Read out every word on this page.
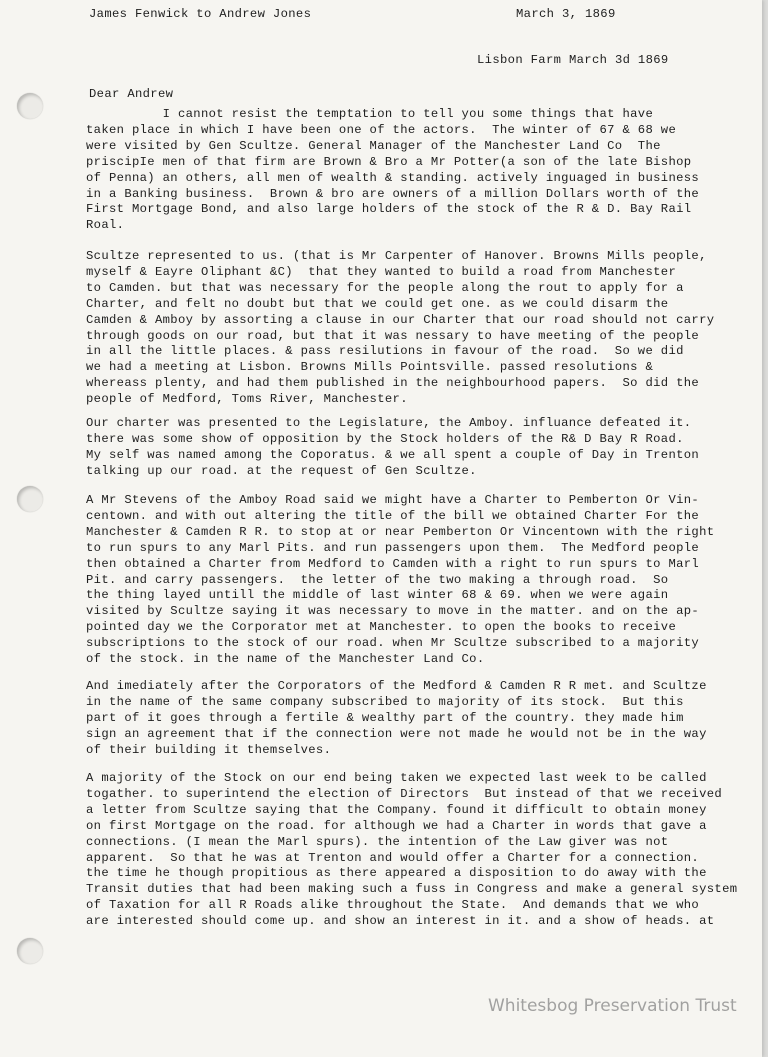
James Fenwick to Andrew Jones	March 3, 1869
Lisbon Farm March 3d 1869
Dear Andrew

I cannot resist the temptation to tell you some things that have
taken place in which I have been one of the actors.  The winter of 67 & 68 we
were visited by Gen Scultze. General Manager of the Manchester Land Co  The
priscipIe men of that firm are Brown & Bro a Mr Potter(a son of the late Bishop
of Penna) an others, all men of wealth & standing. actively inguaged in business
in a Banking business.  Brown & bro are owners of a million Dollars worth of the
First Mortgage Bond, and also large holders of the stock of the R & D. Bay Rail
Roal.

Scultze represented to us. (that is Mr Carpenter of Hanover. Browns Mills people,
myself & Eayre Oliphant &C)  that they wanted to build a road from Manchester
to Camden. but that was necessary for the people along the rout to apply for a
Charter, and felt no doubt but that we could get one. as we could disarm the
Camden & Amboy by assorting a clause in our Charter that our road should not carry
through goods on our road, but that it was nessary to have meeting of the people
in all the little places. & pass resilutions in favour of the road.  So we did
we had a meeting at Lisbon. Browns Mills Pointsville. passed resolutions &
whereass plenty, and had them published in the neighbourhood papers.  So did the
people of Medford, Toms River, Manchester.

Our charter was presented to the Legislature, the Amboy. influance defeated it.
there was some show of opposition by the Stock holders of the R& D Bay R Road.
My self was named among the Coporatus. & we all spent a couple of Day in Trenton
talking up our road. at the request of Gen Scultze.

A Mr Stevens of the Amboy Road said we might have a Charter to Pemberton Or Vin-
centown. and with out altering the title of the bill we obtained Charter For the
Manchester & Camden R R. to stop at or near Pemberton Or Vincentown with the right
to run spurs to any Marl Pits. and run passengers upon them.  The Medford people
then obtained a Charter from Medford to Camden with a right to run spurs to Marl
Pit. and carry passengers.  the letter of the two making a through road.  So
the thing layed untill the middle of last winter 68 & 69. when we were again
visited by Scultze saying it was necessary to move in the matter. and on the ap-
pointed day we the Corporator met at Manchester. to open the books to receive
subscriptions to the stock of our road. when Mr Scultze subscribed to a majority
of the stock. in the name of the Manchester Land Co.

And imediately after the Corporators of the Medford & Camden R R met. and Scultze
in the name of the same company subscribed to majority of its stock.  But this
part of it goes through a fertile & wealthy part of the country. they made him
sign an agreement that if the connection were not made he would not be in the way
of their building it themselves.

A majority of the Stock on our end being taken we expected last week to be called
togather. to superintend the election of Directors  But instead of that we received
a letter from Scultze saying that the Company. found it difficult to obtain money
on first Mortgage on the road. for although we had a Charter in words that gave a
connections. (I mean the Marl spurs). the intention of the Law giver was not
apparent.  So that he was at Trenton and would offer a Charter for a connection.
the time he though propitious as there appeared a disposition to do away with the
Transit duties that had been making such a fuss in Congress and make a general system
of Taxation for all R Roads alike throughout the State.  And demands that we who
are interested should come up. and show an interest in it. and a show of heads. at

Whitesbog Preservation Trust
